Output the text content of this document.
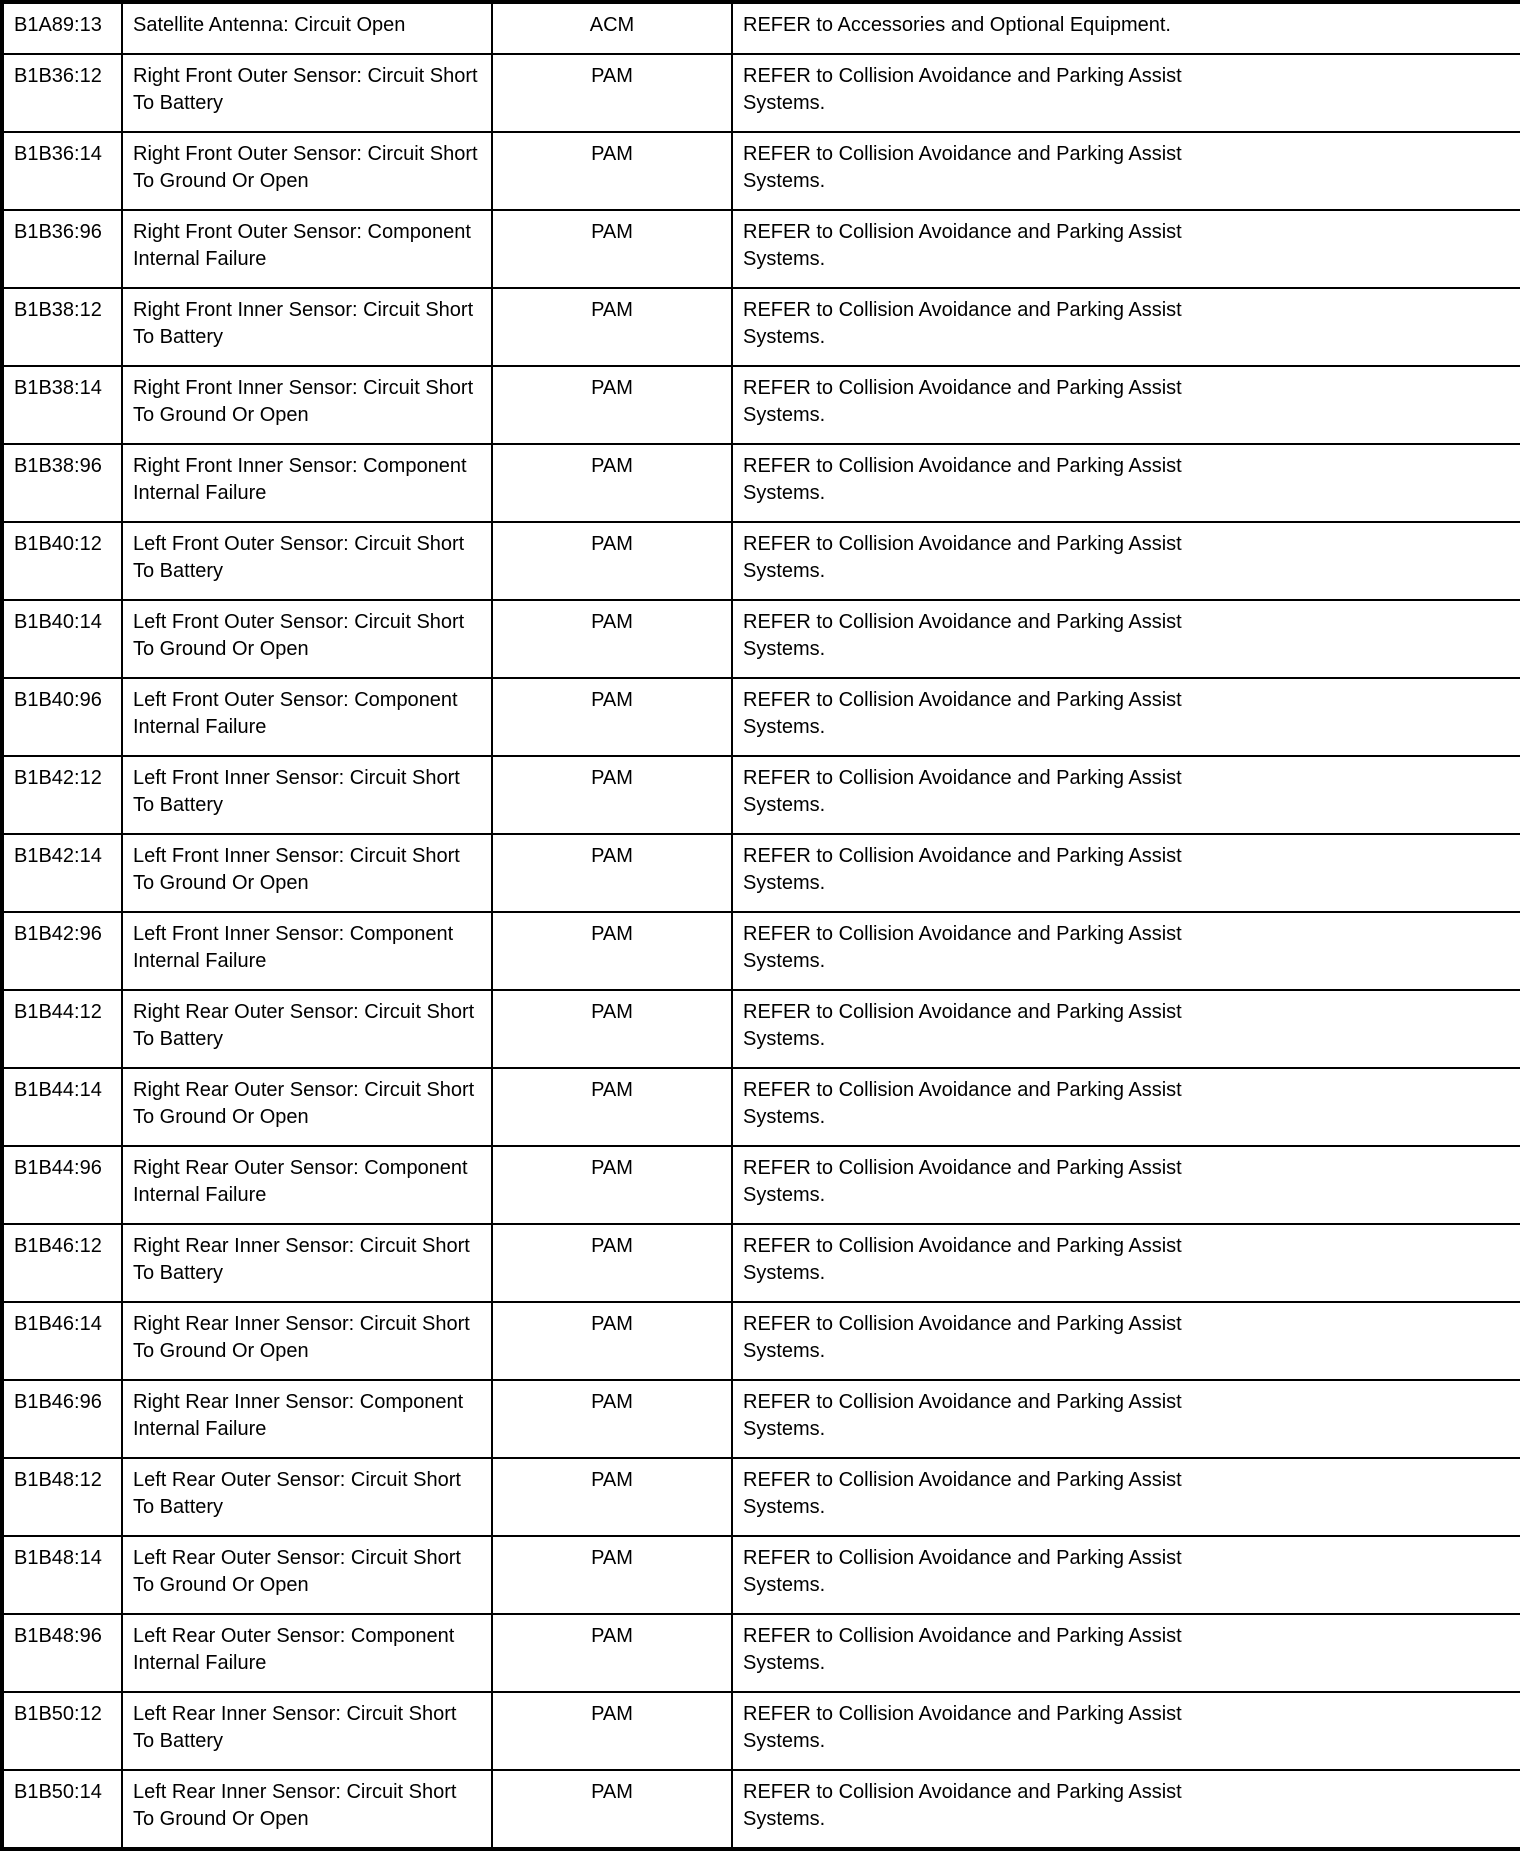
B1A89:13	Satellite Antenna: Circuit Open	ACM	REFER to Accessories and Optional Equipment.

B1B36:12	Right Front Outer Sensor: Circuit Short To Battery	PAM	REFER to Collision Avoidance and Parking Assist Systems.

B1B36:14	Right Front Outer Sensor: Circuit Short To Ground Or Open	PAM	REFER to Collision Avoidance and Parking Assist Systems.

B1B36:96	Right Front Outer Sensor: Component Internal Failure	PAM	REFER to Collision Avoidance and Parking Assist Systems.

B1B38:12	Right Front Inner Sensor: Circuit Short To Battery	PAM	REFER to Collision Avoidance and Parking Assist Systems.

B1B38:14	Right Front Inner Sensor: Circuit Short To Ground Or Open	PAM	REFER to Collision Avoidance and Parking Assist Systems.

B1B38:96	Right Front Inner Sensor: Component Internal Failure	PAM	REFER to Collision Avoidance and Parking Assist Systems.

B1B40:12	Left Front Outer Sensor: Circuit Short To Battery	PAM	REFER to Collision Avoidance and Parking Assist Systems.

B1B40:14	Left Front Outer Sensor: Circuit Short To Ground Or Open	PAM	REFER to Collision Avoidance and Parking Assist Systems.

B1B40:96	Left Front Outer Sensor: Component Internal Failure	PAM	REFER to Collision Avoidance and Parking Assist Systems.

B1B42:12	Left Front Inner Sensor: Circuit Short To Battery	PAM	REFER to Collision Avoidance and Parking Assist Systems.

B1B42:14	Left Front Inner Sensor: Circuit Short To Ground Or Open	PAM	REFER to Collision Avoidance and Parking Assist Systems.

B1B42:96	Left Front Inner Sensor: Component Internal Failure	PAM	REFER to Collision Avoidance and Parking Assist Systems.

B1B44:12	Right Rear Outer Sensor: Circuit Short To Battery	PAM	REFER to Collision Avoidance and Parking Assist Systems.

B1B44:14	Right Rear Outer Sensor: Circuit Short To Ground Or Open	PAM	REFER to Collision Avoidance and Parking Assist Systems.

B1B44:96	Right Rear Outer Sensor: Component Internal Failure	PAM	REFER to Collision Avoidance and Parking Assist Systems.

B1B46:12	Right Rear Inner Sensor: Circuit Short To Battery	PAM	REFER to Collision Avoidance and Parking Assist Systems.

B1B46:14	Right Rear Inner Sensor: Circuit Short To Ground Or Open	PAM	REFER to Collision Avoidance and Parking Assist Systems.

B1B46:96	Right Rear Inner Sensor: Component Internal Failure	PAM	REFER to Collision Avoidance and Parking Assist Systems.

B1B48:12	Left Rear Outer Sensor: Circuit Short To Battery	PAM	REFER to Collision Avoidance and Parking Assist Systems.

B1B48:14	Left Rear Outer Sensor: Circuit Short To Ground Or Open	PAM	REFER to Collision Avoidance and Parking Assist Systems.

B1B48:96	Left Rear Outer Sensor: Component Internal Failure	PAM	REFER to Collision Avoidance and Parking Assist Systems.

B1B50:12	Left Rear Inner Sensor: Circuit Short To Battery	PAM	REFER to Collision Avoidance and Parking Assist Systems.

B1B50:14	Left Rear Inner Sensor: Circuit Short To Ground Or Open	PAM	REFER to Collision Avoidance and Parking Assist Systems.
